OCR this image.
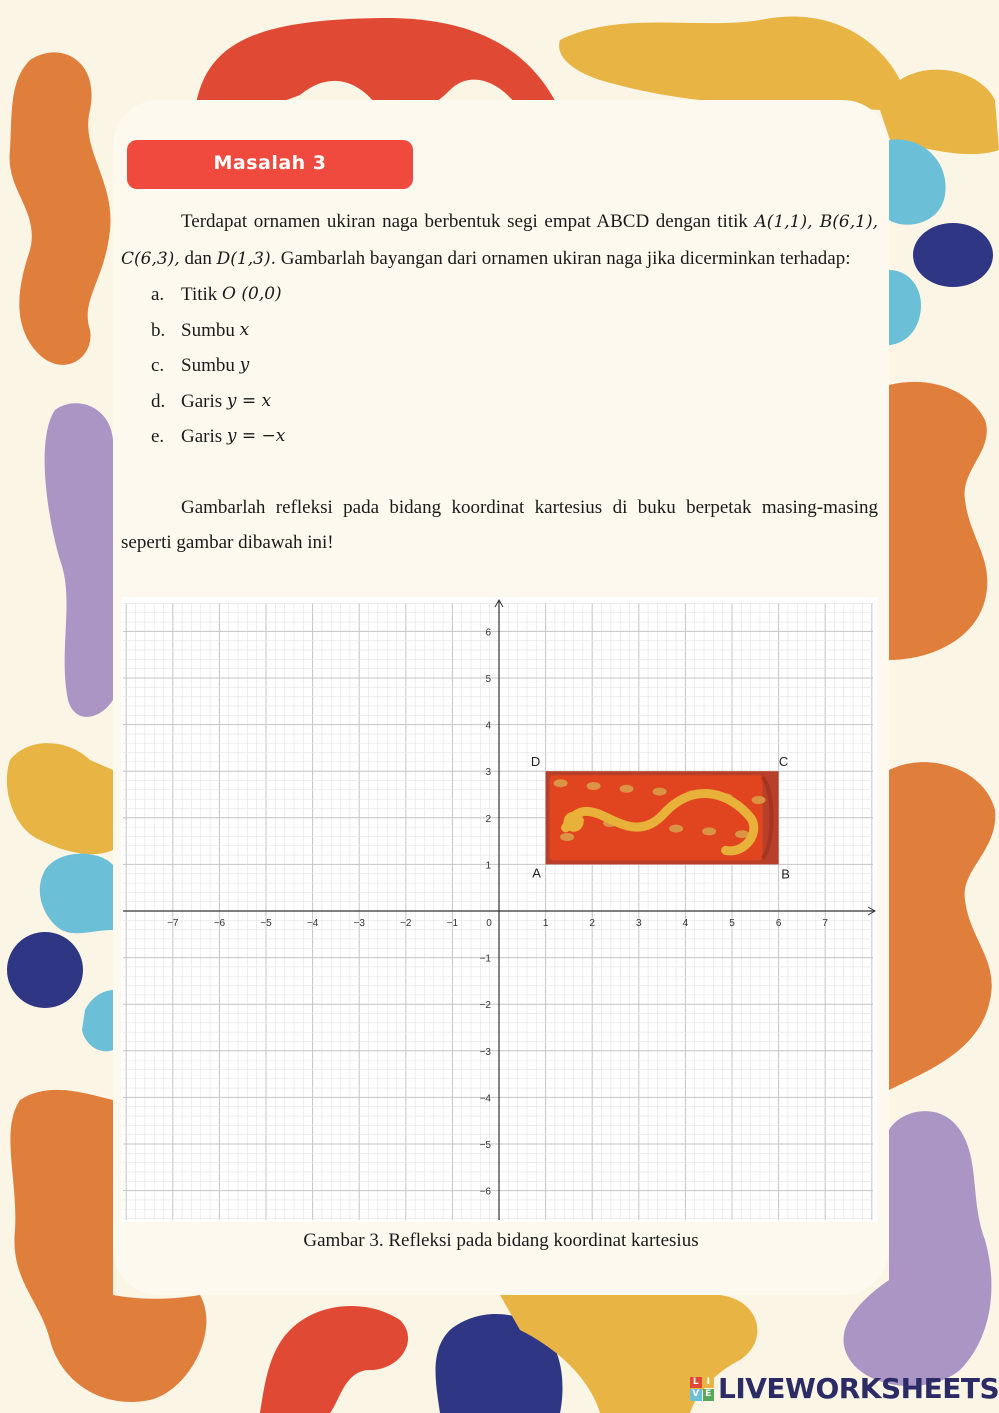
Masalah 3

Terdapat ornamen ukiran naga berbentuk segi empat ABCD dengan titik A(1,1), B(6,1), C(6,3), dan D(1,3). Gambarlah bayangan dari ornamen ukiran naga jika dicerminkan terhadap:

a. Titik
O (0,0)
b. Sumbu
x
c. Sumbu
y
d. Garis
y = x
e. Garis
y = −x

Gambarlah refleksi pada bidang koordinat kartesius di buku berpetak masing-masing seperti gambar dibawah ini!

−7	−6	−5	−4	−3	−2	−1	0	1	2	3	4	5	6	7
6
5
4
3
2
1
−1
−2
−3
−4
−5
−6
A	B
C
D
Gambar 3. Refleksi pada bidang koordinat kartesius
L I
V E LIVEWORKSHEETS
